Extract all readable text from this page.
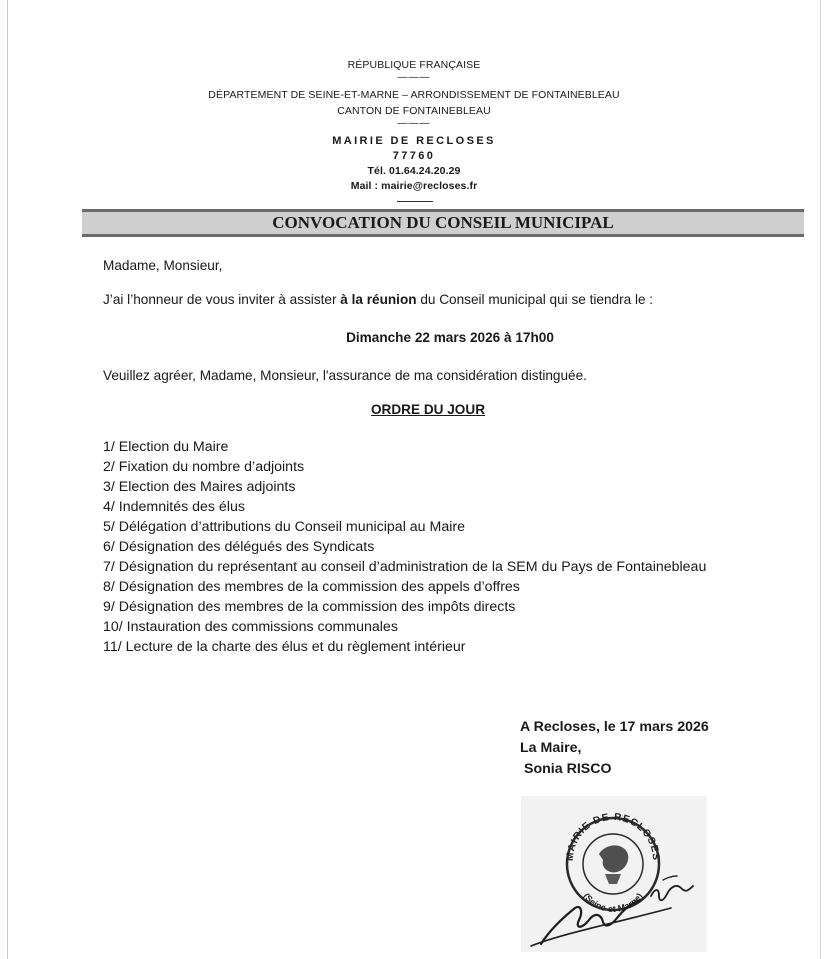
RÉPUBLIQUE FRANÇAISE
———
DÉPARTEMENT DE SEINE-ET-MARNE – ARRONDISSEMENT DE FONTAINEBLEAU
CANTON DE FONTAINEBLEAU
———
MAIRIE DE RECLOSES
77760
Tél. 01.64.24.20.29
Mail : mairie@recloses.fr
CONVOCATION DU CONSEIL MUNICIPAL
Madame, Monsieur,
J’ai l’honneur de vous inviter à assister à la réunion du Conseil municipal qui se tiendra le :
Dimanche 22 mars 2026 à 17h00
Veuillez agréer, Madame, Monsieur, l'assurance de ma considération distinguée.
ORDRE DU JOUR
1/ Election du Maire
2/ Fixation du nombre d’adjoints
3/ Election des Maires adjoints
4/ Indemnités des élus
5/ Délégation d’attributions du Conseil municipal au Maire
6/ Désignation des délégués des Syndicats
7/ Désignation du représentant au conseil d’administration de la SEM du Pays de Fontainebleau
8/ Désignation des membres de la commission des appels d’offres
9/ Désignation des membres de la commission des impôts directs
10/ Instauration des commissions communales
11/ Lecture de la charte des élus et du règlement intérieur
A Recloses, le 17 mars 2026
La Maire,
Sonia RISCO
MAIRIE DE RECLOSES
(Seine-et-Marne)
